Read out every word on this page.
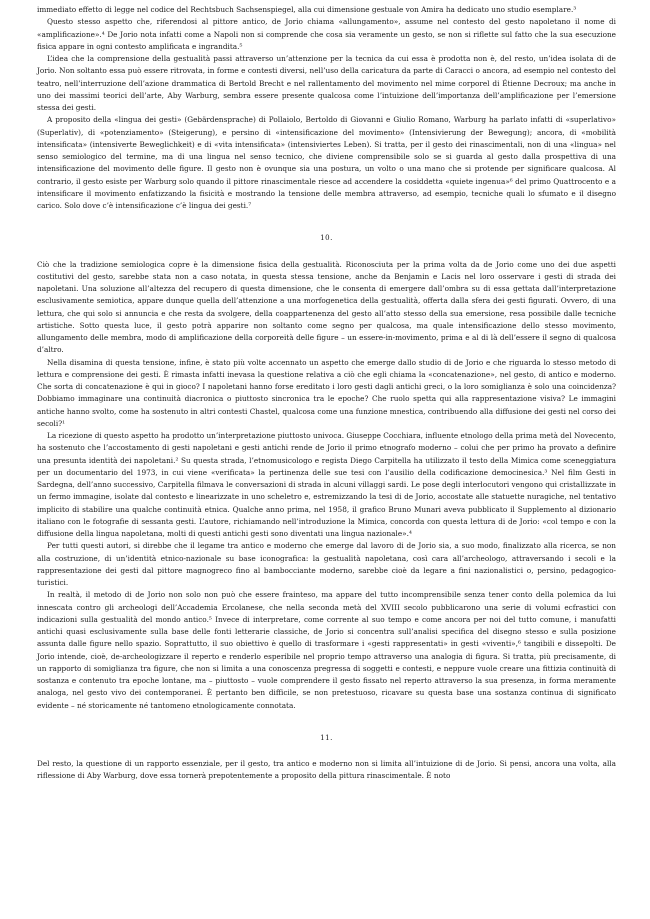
immediato effetto di legge nel codice del Rechtsbuch Sachsenspiegel, alla cui dimensione gestuale von Amira ha dedicato uno studio esemplare.³

Questo stesso aspetto che, riferendosi al pittore antico, de Jorio chiama «allungamento», assume nel contesto del gesto napoletano il nome di «amplificazione».⁴ De Jorio nota infatti come a Napoli non si comprende che cosa sia veramente un gesto, se non si riflette sul fatto che la sua esecuzione fisica appare in ogni contesto amplificata e ingrandita.⁵

L’idea che la comprensione della gestualità passi attraverso un’attenzione per la tecnica da cui essa è prodotta non è, del resto, un’idea isolata di de Jorio. Non soltanto essa può essere ritrovata, in forme e contesti diversi, nell’uso della caricatura da parte di Caracci o ancora, ad esempio nel contesto del teatro, nell’interruzione dell’azione drammatica di Bertold Brecht e nel rallentamento del movimento nel mime corporel di Étienne Decroux; ma anche in uno dei massimi teorici dell’arte, Aby Warburg, sembra essere presente qualcosa come l’intuizione dell’importanza dell’amplificazione per l’emersione stessa dei gesti.

A proposito della «lingua dei gesti» (Gebärdensprache) di Pollaiolo, Bertoldo di Giovanni e Giulio Romano, Warburg ha parlato infatti di «superlativo» (Superlativ), di «potenziamento» (Steigerung), e persino di «intensificazione del movimento» (Intensivierung der Bewegung); ancora, di «mobilità intensificata» (intensiverte Beweglichkeit) e di «vita intensificata» (intensiviertes Leben). Si tratta, per il gesto dei rinascimentali, non di una «lingua» nel senso semiologico del termine, ma di una lingua nel senso tecnico, che diviene comprensibile solo se si guarda al gesto dalla prospettiva di una intensificazione del movimento delle figure. Il gesto non è ovunque sia una postura, un volto o una mano che si protende per significare qualcosa. Al contrario, il gesto esiste per Warburg solo quando il pittore rinascimentale riesce ad accendere la cosiddetta «quiete ingenua»⁶ del primo Quattrocento e a intensificare il movimento enfatizzando la fisicità e mostrando la tensione delle membra attraverso, ad esempio, tecniche quali lo sfumato e il disegno carico. Solo dove c’è intensificazione c’è lingua dei gesti.⁷

10.

Ciò che la tradizione semiologica copre è la dimensione fisica della gestualità. Riconosciuta per la prima volta da de Jorio come uno dei due aspetti costitutivi del gesto, sarebbe stata non a caso notata, in questa stessa tensione, anche da Benjamin e Lacis nel loro osservare i gesti di strada dei napoletani. Una soluzione all’altezza del recupero di questa dimensione, che le consenta di emergere dall’ombra su di essa gettata dall’interpretazione esclusivamente semiotica, appare dunque quella dell’attenzione a una morfogenetica della gestualità, offerta dalla sfera dei gesti figurati. Ovvero, di una lettura, che qui solo si annuncia e che resta da svolgere, della coappartenenza del gesto all’atto stesso della sua emersione, resa possibile dalle tecniche artistiche. Sotto questa luce, il gesto potrà apparire non soltanto come segno per qualcosa, ma quale intensificazione dello stesso movimento, allungamento delle membra, modo di amplificazione della corporeità delle figure – un essere-in-movimento, prima e al di là dell’essere il segno di qualcosa d’altro.

Nella disamina di questa tensione, infine, è stato più volte accennato un aspetto che emerge dallo studio di de Jorio e che riguarda lo stesso metodo di lettura e comprensione dei gesti. È rimasta infatti inevasa la questione relativa a ciò che egli chiama la «concatenazione», nel gesto, di antico e moderno. Che sorta di concatenazione è qui in gioco? I napoletani hanno forse ereditato i loro gesti dagli antichi greci, o la loro somiglianza è solo una coincidenza? Dobbiamo immaginare una continuità diacronica o piuttosto sincronica tra le epoche? Che ruolo spetta qui alla rappresentazione visiva? Le immagini antiche hanno svolto, come ha sostenuto in altri contesti Chastel, qualcosa come una funzione mnestica, contribuendo alla diffusione dei gesti nel corso dei secoli?¹

La ricezione di questo aspetto ha prodotto un’interpretazione piuttosto univoca. Giuseppe Cocchiara, influente etnologo della prima metà del Novecento, ha sostenuto che l’accostamento di gesti napoletani e gesti antichi rende de Jorio il primo etnografo moderno – colui che per primo ha provato a definire una presunta identità dei napoletani.² Su questa strada, l’etnomusicologo e regista Diego Carpitella ha utilizzato il testo della Mimica come sceneggiatura per un documentario del 1973, in cui viene «verificata» la pertinenza delle sue tesi con l’ausilio della codificazione democinesica.³ Nel film Gesti in Sardegna, dell’anno successivo, Carpitella filmava le conversazioni di strada in alcuni villaggi sardi. Le pose degli interlocutori vengono qui cristallizzate in un fermo immagine, isolate dal contesto e linearizzate in uno scheletro e, estremizzando la tesi di de Jorio, accostate alle statuette nuragiche, nel tentativo implicito di stabilire una qualche continuità etnica. Qualche anno prima, nel 1958, il grafico Bruno Munari aveva pubblicato il Supplemento al dizionario italiano con le fotografie di sessanta gesti. L’autore, richiamando nell’introduzione la Mimica, concorda con questa lettura di de Jorio: «col tempo e con la diffusione della lingua napoletana, molti di questi antichi gesti sono diventati una lingua nazionale».⁴

Per tutti questi autori, si direbbe che il legame tra antico e moderno che emerge dal lavoro di de Jorio sia, a suo modo, finalizzato alla ricerca, se non alla costruzione, di un’identità etnico-nazionale su base iconografica: la gestualità napoletana, così cara all’archeologo, attraversando i secoli e la rappresentazione dei gesti dal pittore magnogreco fino al bambocciante moderno, sarebbe cioè da legare a fini nazionalistici o, persino, pedagogico-turistici.

In realtà, il metodo di de Jorio non solo non può che essere frainteso, ma appare del tutto incomprensibile senza tener conto della polemica da lui innescata contro gli archeologi dell’Accademia Ercolanese, che nella seconda metà del XVIII secolo pubblicarono una serie di volumi ecfrastici con indicazioni sulla gestualità del mondo antico.⁵ Invece di interpretare, come corrente al suo tempo e come ancora per noi del tutto comune, i manufatti antichi quasi esclusivamente sulla base delle fonti letterarie classiche, de Jorio si concentra sull’analisi specifica del disegno stesso e sulla posizione assunta dalle figure nello spazio. Soprattutto, il suo obiettivo è quello di trasformare i «gesti rappresentati» in gesti «viventi»,⁶ tangibili e dissepolti. De Jorio intende, cioè, de-archeologizzare il reperto e renderlo esperibile nel proprio tempo attraverso una analogia di figura. Si tratta, più precisamente, di un rapporto di somiglianza tra figure, che non si limita a una conoscenza pregressa di soggetti e contesti, e neppure vuole creare una fittizia continuità di sostanza e contenuto tra epoche lontane, ma – piuttosto – vuole comprendere il gesto fissato nel reperto attraverso la sua presenza, in forma meramente analoga, nel gesto vivo dei contemporanei. È pertanto ben difficile, se non pretestuoso, ricavare su questa base una sostanza continua di significato evidente – né storicamente né tantomeno etnologicamente connotata.

11.

Del resto, la questione di un rapporto essenziale, per il gesto, tra antico e moderno non si limita all’intuizione di de Jorio. Si pensi, ancora una volta, alla riflessione di Aby Warburg, dove essa tornerà prepotentemente a proposito della pittura rinascimentale. È noto
